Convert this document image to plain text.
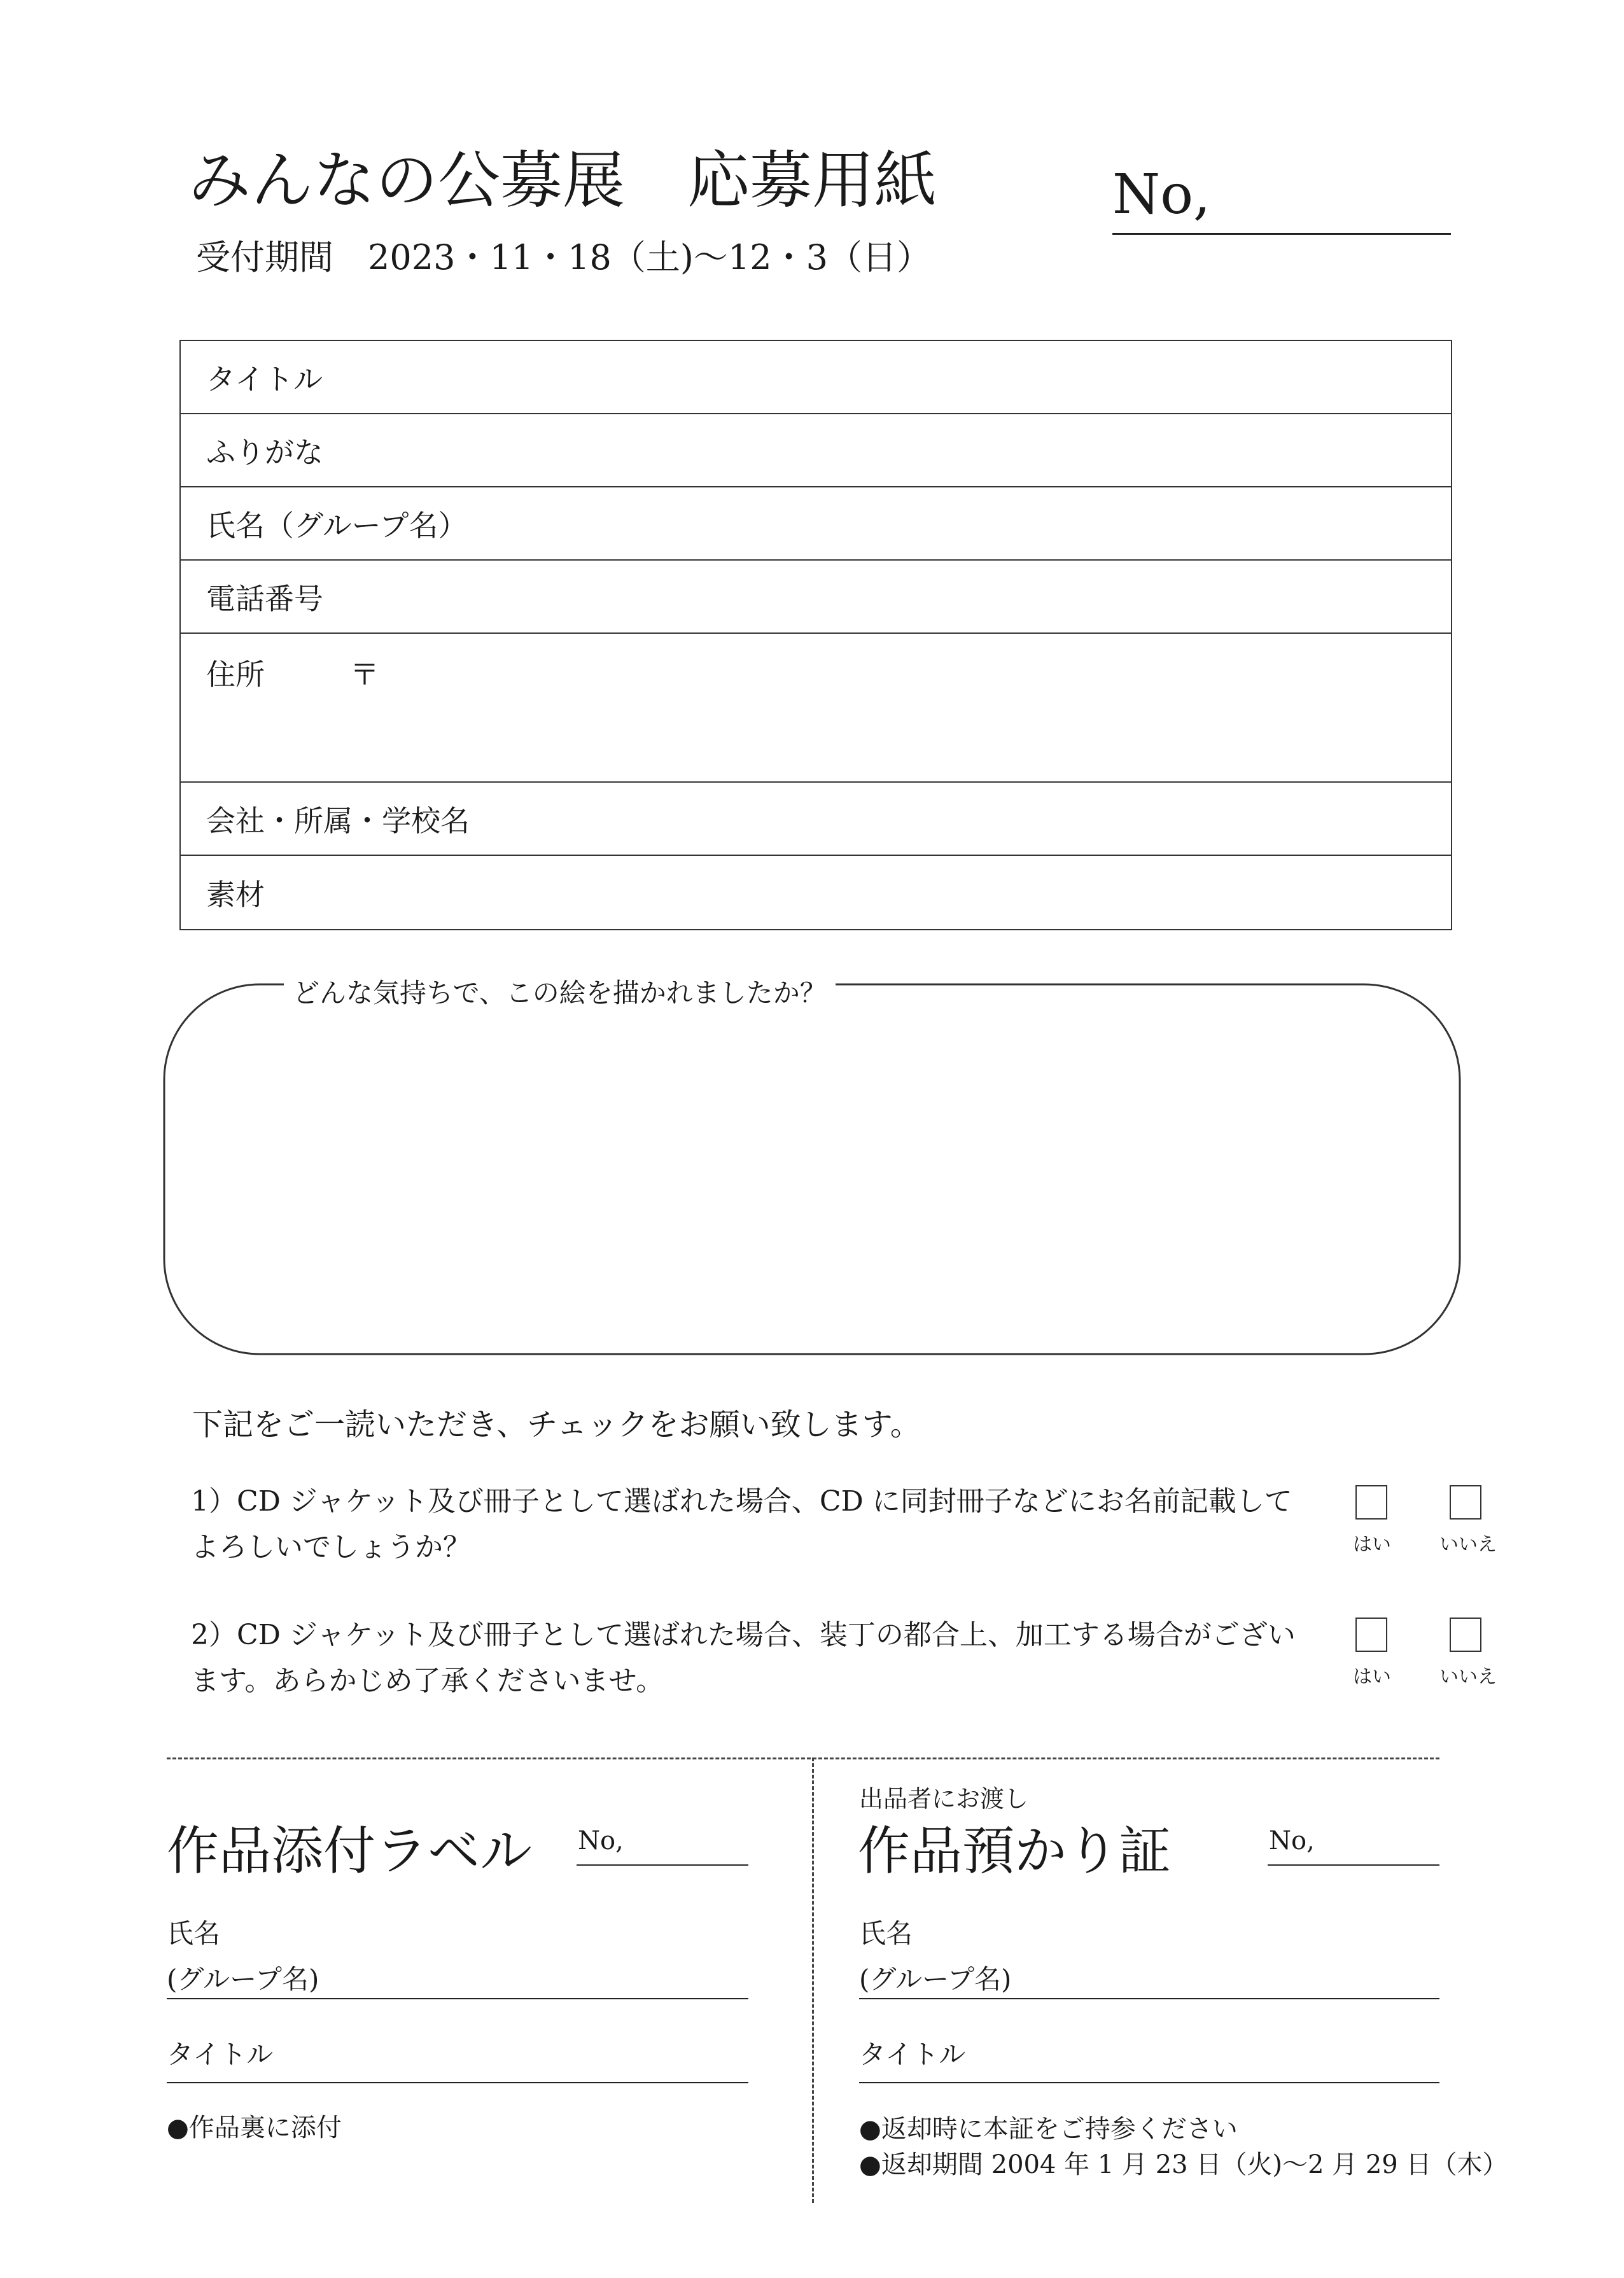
みんなの公募展　応募用紙
受付期間　2023・11・18（土)〜12・3（日）
No,
タイトル
ふりがな
氏名（グループ名）
電話番号
住所	〒
会社・所属・学校名
素材
どんな気持ちで、この絵を描かれましたか？
下記をご一読いただき、チェックをお願い致します。
1）CD ジャケット及び冊子として選ばれた場合、CD に同封冊子などにお名前記載して
よろしいでしょうか？	はい	いいえ
2）CD ジャケット及び冊子として選ばれた場合、装丁の都合上、加工する場合がござい
ます。あらかじめ了承くださいませ。	はい	いいえ
作品添付ラベル No,
氏名
(グループ名)
タイトル
●作品裏に添付
出品者にお渡し
作品預かり証	No,
氏名
(グループ名)
タイトル
●返却時に本証をご持参ください
●返却期間 2004 年 1 月 23 日（火)〜2 月 29 日（木）
